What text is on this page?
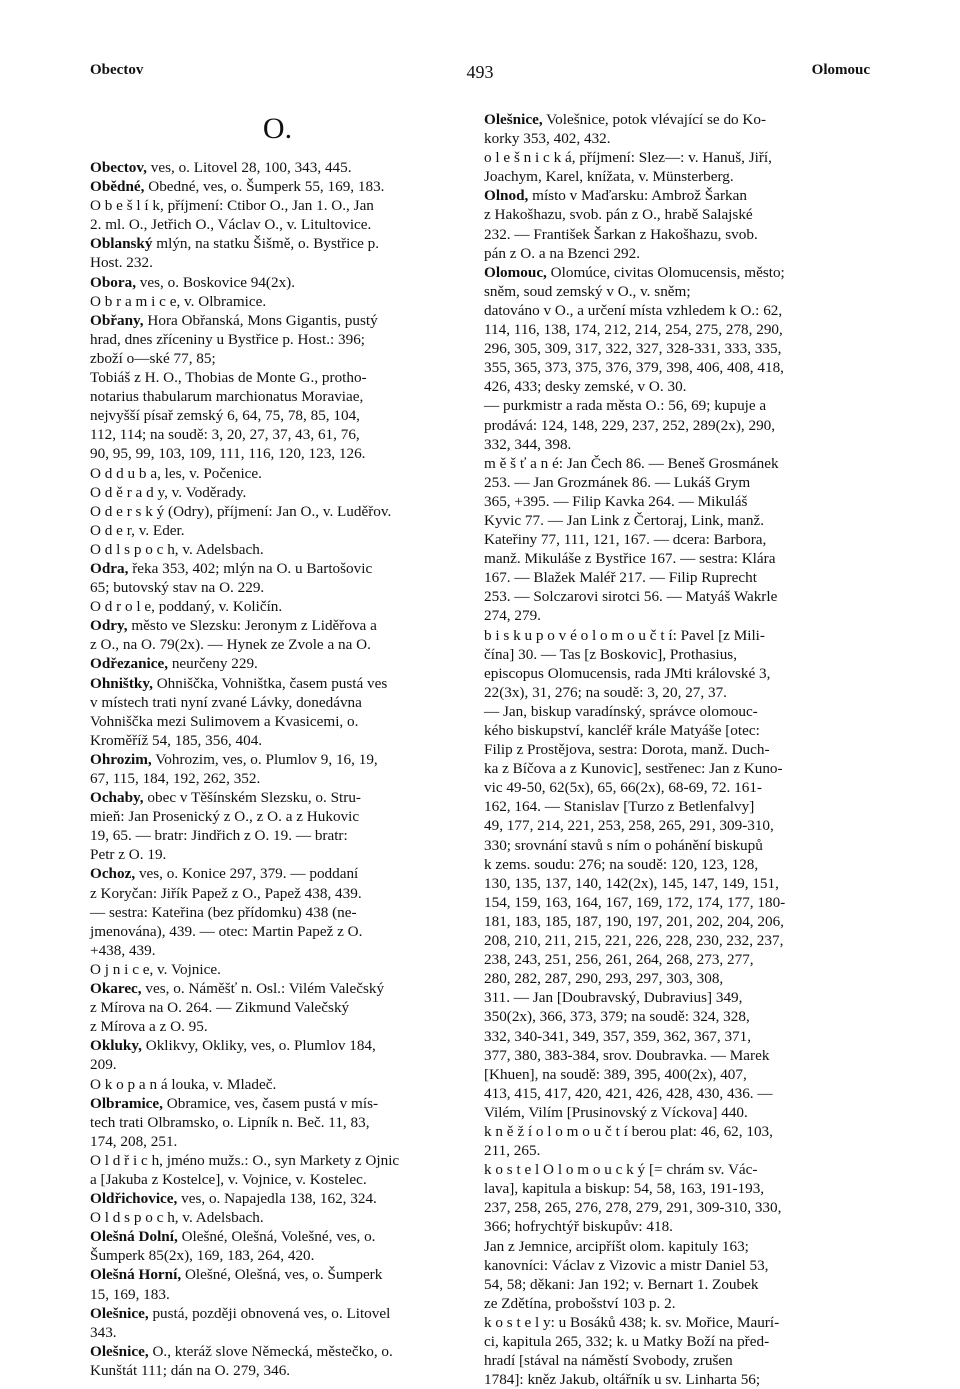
Obectov	493	Olomouc
O.

Obectov, ves, o. Litovel 28, 100, 343, 445.

Obědné, Obedné, ves, o. Šumperk 55, 169, 183.

O b e š l í k, příjmení: Ctibor O., Jan 1. O., Jan
2. ml. O., Jetřich O., Václav O., v. Litultovice.

Oblanský mlýn, na statku Šišmě, o. Bystřice p.
Host. 232.

Obora, ves, o. Boskovice 94(2x).

O b r a m i c e, v. Olbramice.

Obřany, Hora Obřanská, Mons Gigantis, pustý
hrad, dnes zříceniny u Bystřice p. Host.: 396;
zboží o—ské 77, 85;
Tobiáš z H. O., Thobias de Monte G., protho-
notarius thabularum marchionatus Moraviae,
nejvyšší písař zemský 6, 64, 75, 78, 85, 104,
112, 114; na soudě: 3, 20, 27, 37, 43, 61, 76,
90, 95, 99, 103, 109, 111, 116, 120, 123, 126.

O d d u b a, les, v. Počenice.

O d ě r a d y, v. Voděrady.

O d e r s k ý (Odry), příjmení: Jan O., v. Luděřov.

O d e r, v. Eder.

O d l s p o c h, v. Adelsbach.

Odra, řeka 353, 402; mlýn na O. u Bartošovic
65; butovský stav na O. 229.

O d r o l e, poddaný, v. Količín.

Odry, město ve Slezsku: Jeronym z Liděřova a
z O., na O. 79(2x). — Hynek ze Zvole a na O.

Odřezanice, neurčeny 229.

Ohništky, Ohniščka, Vohništka, časem pustá ves
v místech trati nyní zvané Lávky, donedávna
Vohniščka mezi Sulimovem a Kvasicemi, o.
Kroměříž 54, 185, 356, 404.

Ohrozim, Vohrozim, ves, o. Plumlov 9, 16, 19,
67, 115, 184, 192, 262, 352.

Ochaby, obec v Těšínském Slezsku, o. Stru-
mieň: Jan Prosenický z O., z O. a z Hukovic
19, 65. — bratr: Jindřich z O. 19. — bratr:
Petr z O. 19.

Ochoz, ves, o. Konice 297, 379. — poddaní
z Koryčan: Jiřík Papež z O., Papež 438, 439.
— sestra: Kateřina (bez přídomku) 438 (ne-
jmenována), 439. — otec: Martin Papež z O.
+438, 439.

O j n i c e, v. Vojnice.

Okarec, ves, o. Náměšť n. Osl.: Vilém Valečský
z Mírova na O. 264. — Zikmund Valečský
z Mírova a z O. 95.

Okluky, Oklikvy, Okliky, ves, o. Plumlov 184,
209.

O k o p a n á louka, v. Mladeč.

Olbramice, Obramice, ves, časem pustá v mís-
tech trati Olbramsko, o. Lipník n. Beč. 11, 83,
174, 208, 251.

O l d ř i c h, jméno mužs.: O., syn Markety z Ojnic
a [Jakuba z Kostelce], v. Vojnice, v. Kostelec.

Oldřichovice, ves, o. Napajedla 138, 162, 324.

O l d s p o c h, v. Adelsbach.

Olešná Dolní, Olešné, Olešná, Volešné, ves, o.
Šumperk 85(2x), 169, 183, 264, 420.

Olešná Horní, Olešné, Olešná, ves, o. Šumperk
15, 169, 183.

Olešnice, pustá, později obnovená ves, o. Litovel
343.

Olešnice, O., kteráž slove Německá, městečko, o.
Kunštát 111; dán na O. 279, 346.

Olešnice, Volešnice, potok vlévající se do Ko-
korky 353, 402, 432.

o l e š n i c k á, příjmení: Slez—: v. Hanuš, Jiří,
Joachym, Karel, knížata, v. Münsterberg.

Olnod, místo v Maďarsku: Ambrož Šarkan
z Hakošhazu, svob. pán z O., hrabě Salajské
232. — František Šarkan z Hakošhazu, svob.
pán z O. a na Bzenci 292.

Olomouc, Olomúce, civitas Olomucensis, město;
sněm, soud zemský v O., v. sněm;
datováno v O., a určení místa vzhledem k O.: 62,
114, 116, 138, 174, 212, 214, 254, 275, 278, 290,
296, 305, 309, 317, 322, 327, 328-331, 333, 335,
355, 365, 373, 375, 376, 379, 398, 406, 408, 418,
426, 433; desky zemské, v O. 30.
— purkmistr a rada města O.: 56, 69; kupuje a
prodává: 124, 148, 229, 237, 252, 289(2x), 290,
332, 344, 398.
m ě š ť a n é: Jan Čech 86. — Beneš Grosmánek
253. — Jan Grozmánek 86. — Lukáš Grym
365, +395. — Filip Kavka 264. — Mikuláš
Kyvic 77. — Jan Link z Čertoraj, Link, manž.
Kateřiny 77, 111, 121, 167. — dcera: Barbora,
manž. Mikuláše z Bystřice 167. — sestra: Klára
167. — Blažek Maléř 217. — Filip Ruprecht
253. — Solczarovi sirotci 56. — Matyáš Wakrle
274, 279.
b i s k u p o v é o l o m o u č t í: Pavel [z Mili-
čína] 30. — Tas [z Boskovic], Prothasius,
episcopus Olomucensis, rada JMti královské 3,
22(3x), 31, 276; na soudě: 3, 20, 27, 37.
— Jan, biskup varadínský, správce olomouc-
kého biskupství, kancléř krále Matyáše [otec:
Filip z Prostějova, sestra: Dorota, manž. Duch-
ka z Bíčova a z Kunovic], sestřenec: Jan z Kuno-
vic 49-50, 62(5x), 65, 66(2x), 68-69, 72. 161-
162, 164. — Stanislav [Turzo z Betlenfalvy]
49, 177, 214, 221, 253, 258, 265, 291, 309-310,
330; srovnání stavů s ním o pohánění biskupů
k zems. soudu: 276; na soudě: 120, 123, 128,
130, 135, 137, 140, 142(2x), 145, 147, 149, 151,
154, 159, 163, 164, 167, 169, 172, 174, 177, 180-
181, 183, 185, 187, 190, 197, 201, 202, 204, 206,
208, 210, 211, 215, 221, 226, 228, 230, 232, 237,
238, 243, 251, 256, 261, 264, 268, 273, 277,
280, 282, 287, 290, 293, 297, 303, 308,
311. — Jan [Doubravský, Dubravius] 349,
350(2x), 366, 373, 379; na soudě: 324, 328,
332, 340-341, 349, 357, 359, 362, 367, 371,
377, 380, 383-384, srov. Doubravka. — Marek
[Khuen], na soudě: 389, 395, 400(2x), 407,
413, 415, 417, 420, 421, 426, 428, 430, 436. —
Vilém, Vilím [Prusinovský z Víckova] 440.
k n ě ž í o l o m o u č t í berou plat: 46, 62, 103,
211, 265.
k o s t e l O l o m o u c k ý [= chrám sv. Vác-
lava], kapitula a biskup: 54, 58, 163, 191-193,
237, 258, 265, 276, 278, 279, 291, 309-310, 330,
366; hofrychtýř biskupův: 418.
Jan z Jemnice, arcipříšt olom. kapituly 163;
kanovníci: Václav z Vizovic a mistr Daniel 53,
54, 58; děkani: Jan 192; v. Bernart 1. Zoubek
ze Zdětína, probošství 103 p. 2.
k o s t e l y: u Bosáků 438; k. sv. Mořice, Maurí-
ci, kapitula 265, 332; k. u Matky Boží na před-
hradí [stával na náměstí Svobody, zrušen
1784]: kněz Jakub, oltářník u sv. Linharta 56;
